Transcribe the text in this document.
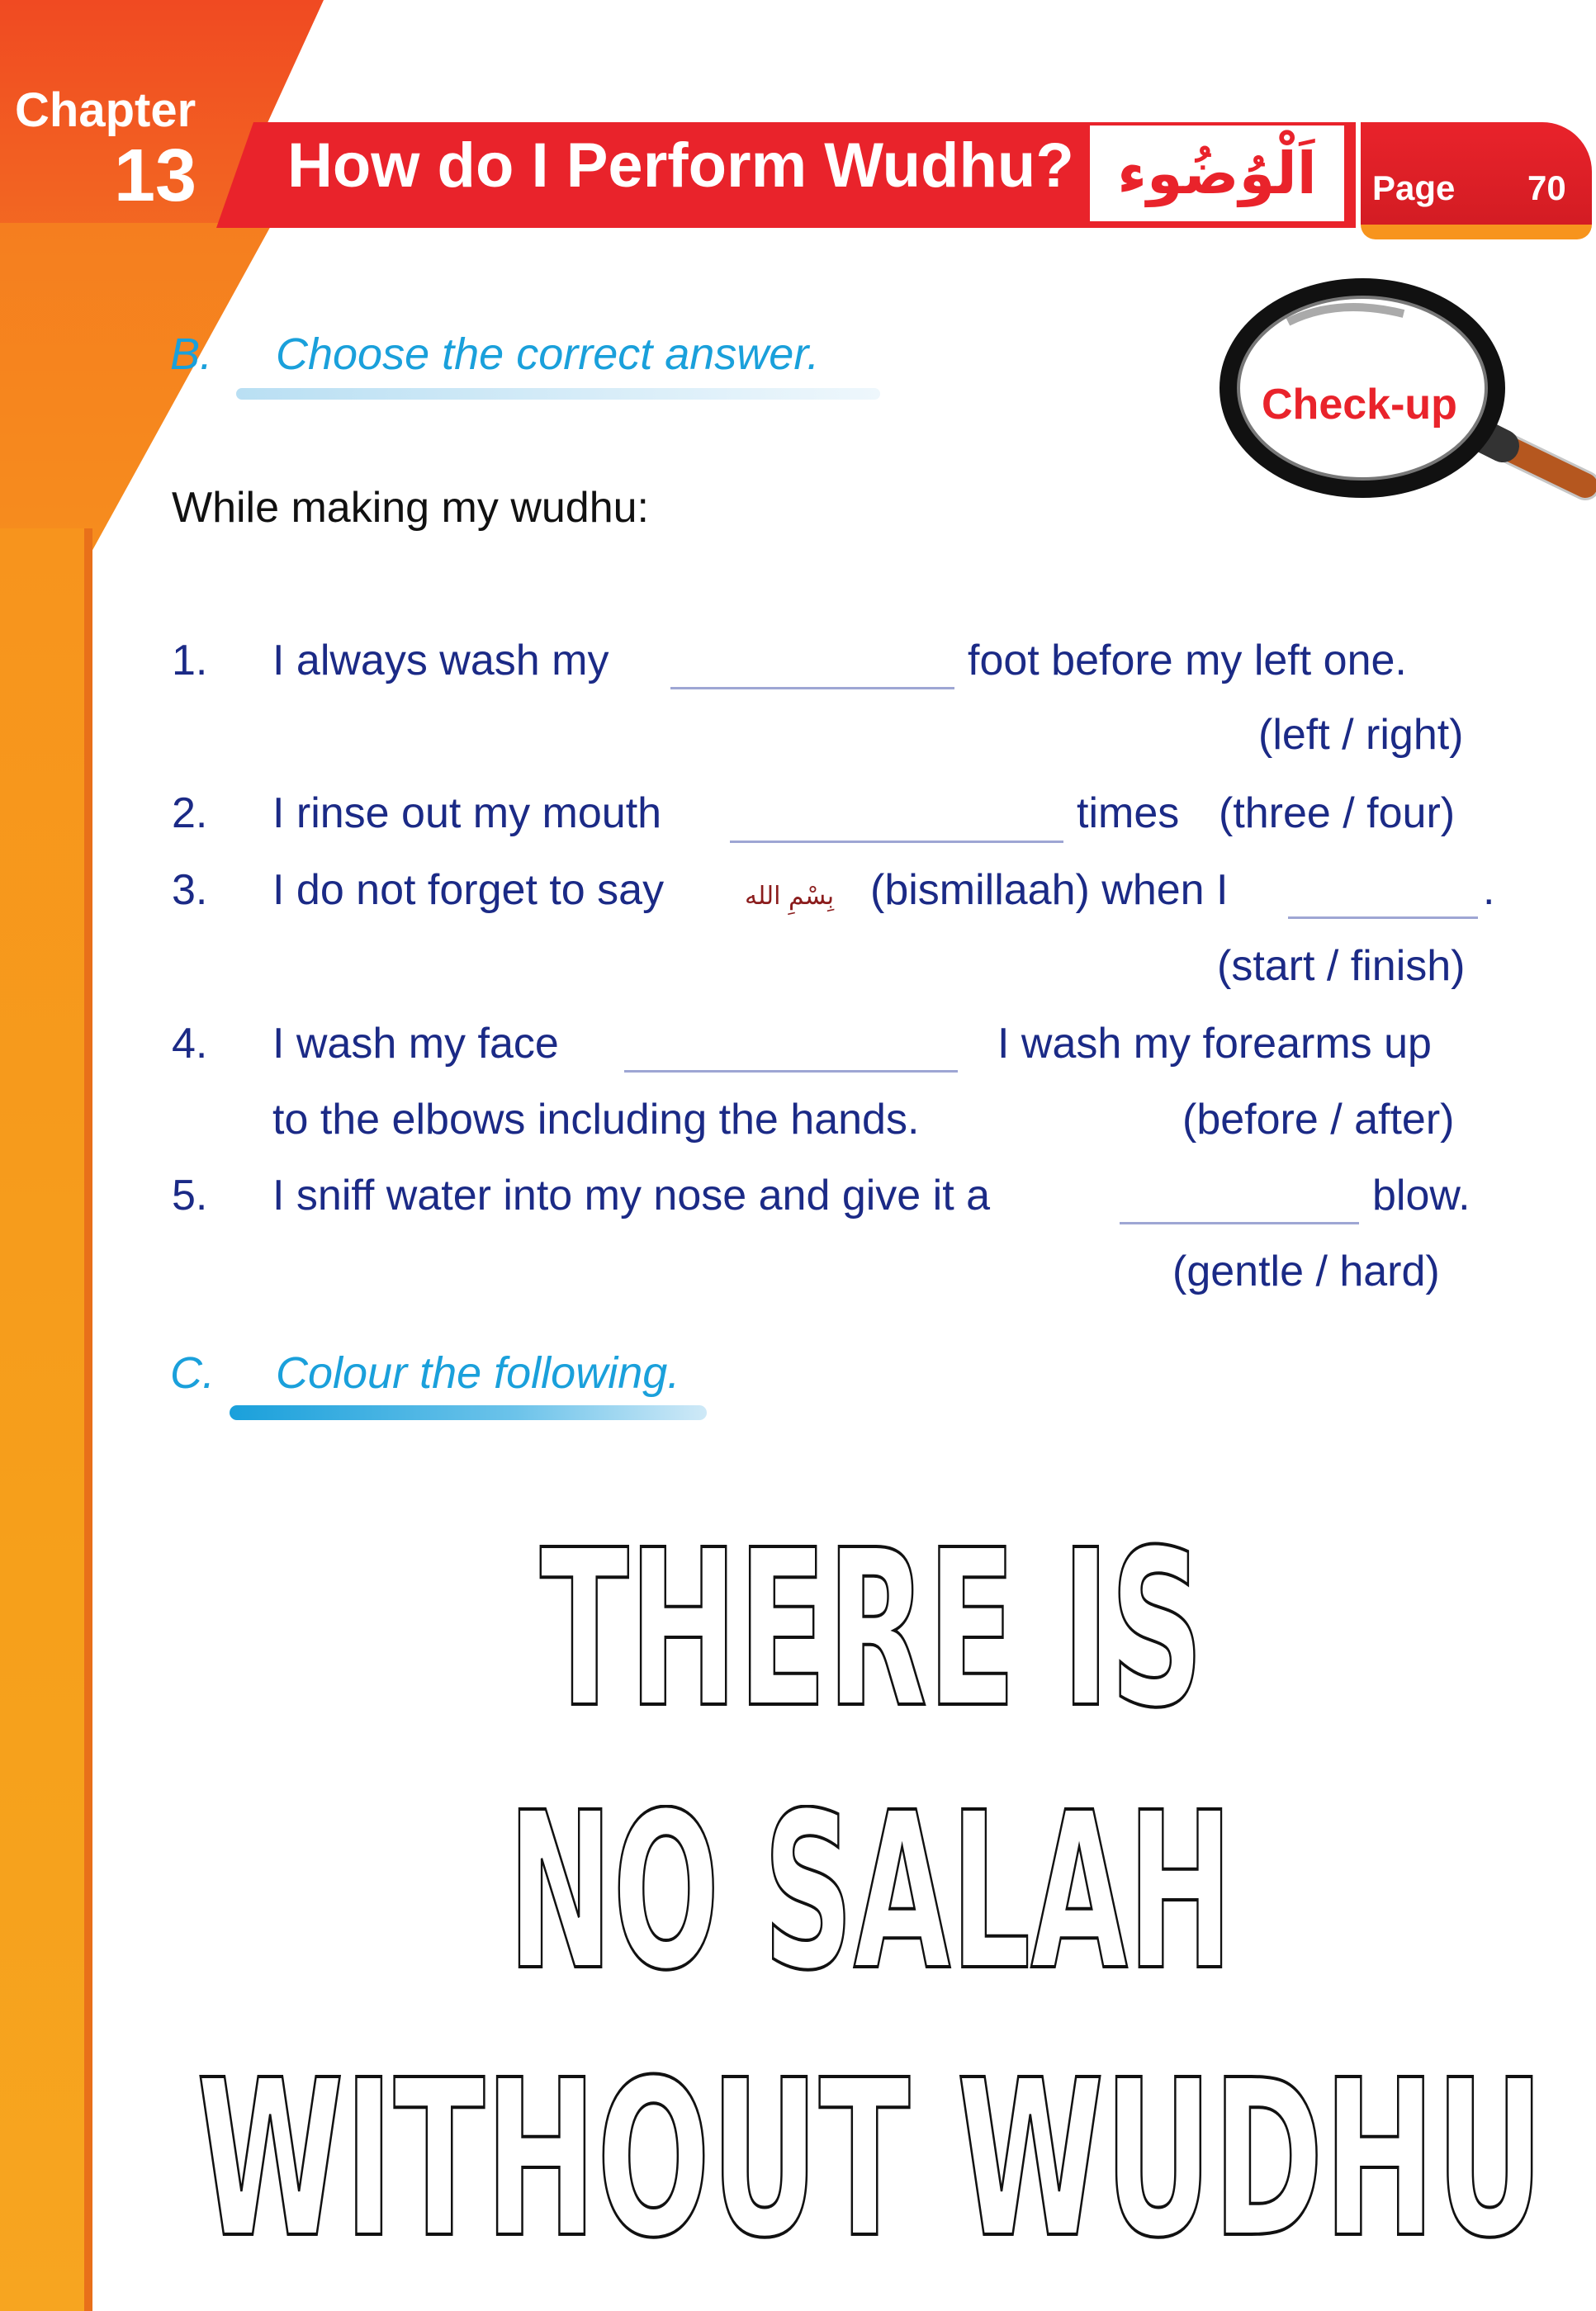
Chapter
13 How do I Perform Wudhu? اَلْوُضُوء	Page 70
Check-up
B. Choose the correct answer.
While making my wudhu:
1. I always wash my	foot before my left one.
(left / right)
2. I rinse out my mouth	times (three / four)
3. I do not forget to say	بِسْمِ الله (bismillaah) when I	.
(start / finish)
4. I wash my face	I wash my forearms up
to the elbows including the hands.	(before / after)
5. I sniff water into my nose and give it a	blow.
(gentle / hard)
C. Colour the following.
THERE IS
NO SALAH
WITHOUT WUDHU
